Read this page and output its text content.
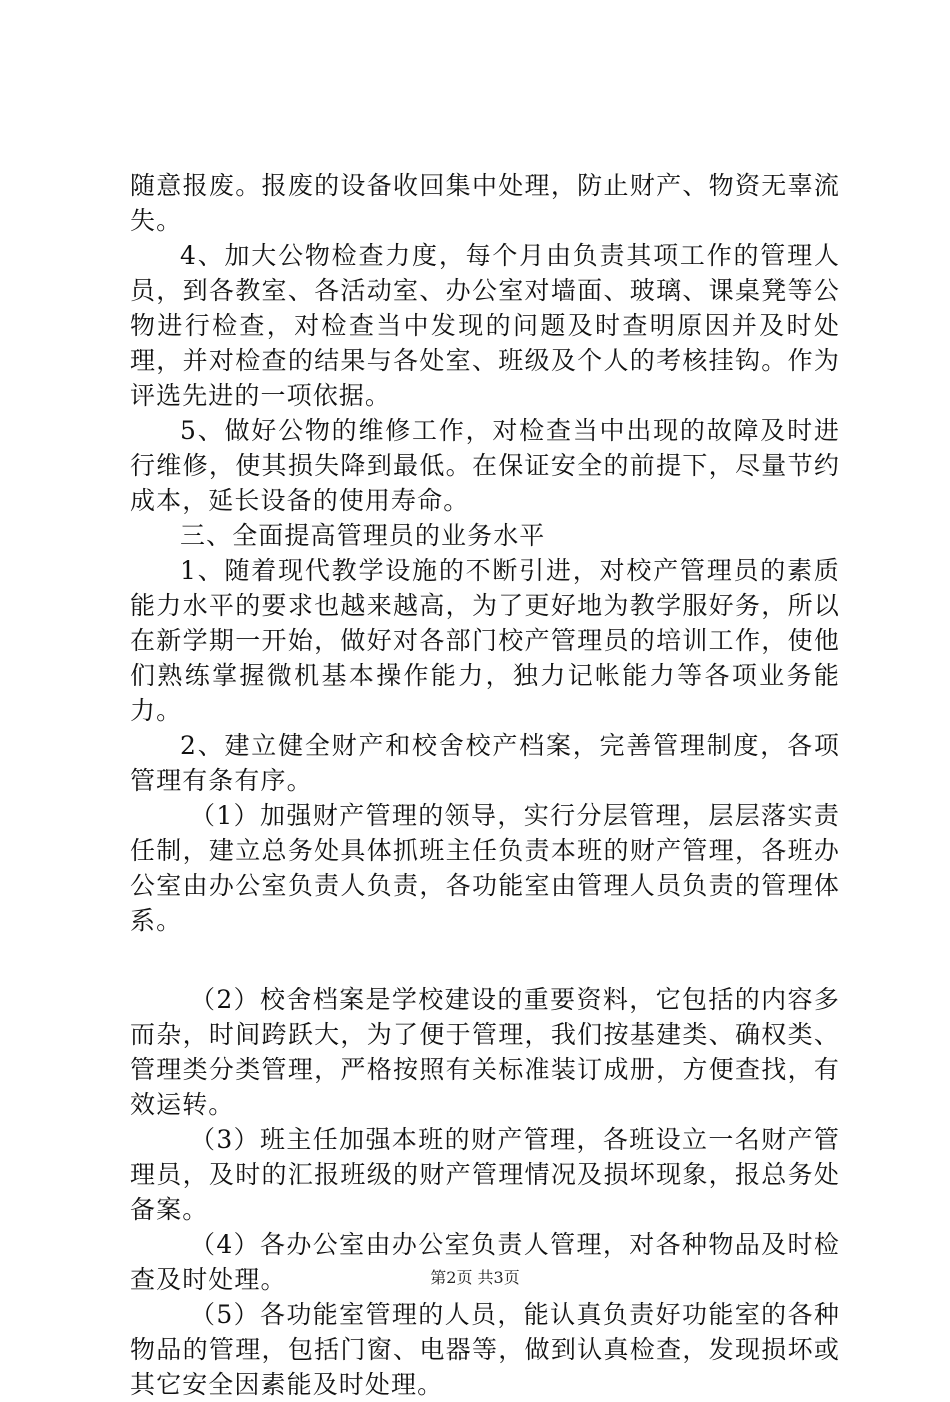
随意报废。报废的设备收回集中处理，防止财产、物资无辜流失。

4、加大公物检查力度，每个月由负责其项工作的管理人员，到各教室、各活动室、办公室对墙面、玻璃、课桌凳等公物进行检查，对检查当中发现的问题及时查明原因并及时处理，并对检查的结果与各处室、班级及个人的考核挂钩。作为评选先进的一项依据。

5、做好公物的维修工作，对检查当中出现的故障及时进行维修，使其损失降到最低。在保证安全的前提下，尽量节约成本，延长设备的使用寿命。

三、全面提高管理员的业务水平

1、随着现代教学设施的不断引进，对校产管理员的素质能力水平的要求也越来越高，为了更好地为教学服好务，所以在新学期一开始，做好对各部门校产管理员的培训工作，使他们熟练掌握微机基本操作能力，独力记帐能力等各项业务能力。

2、建立健全财产和校舍校产档案，完善管理制度，各项管理有条有序。

（1）加强财产管理的领导，实行分层管理，层层落实责任制，建立总务处具体抓班主任负责本班的财产管理，各班办公室由办公室负责人负责，各功能室由管理人员负责的管理体系。

（2）校舍档案是学校建设的重要资料，它包括的内容多而杂，时间跨跃大，为了便于管理，我们按基建类、确权类、管理类分类管理，严格按照有关标准装订成册，方便查找，有效运转。

（3）班主任加强本班的财产管理，各班设立一名财产管理员，及时的汇报班级的财产管理情况及损坏现象，报总务处备案。

（4）各办公室由办公室负责人管理，对各种物品及时检查及时处理。

（5）各功能室管理的人员，能认真负责好功能室的各种物品的管理，包括门窗、电器等，做到认真检查，发现损坏或其它安全因素能及时处理。

第2页 共3页
